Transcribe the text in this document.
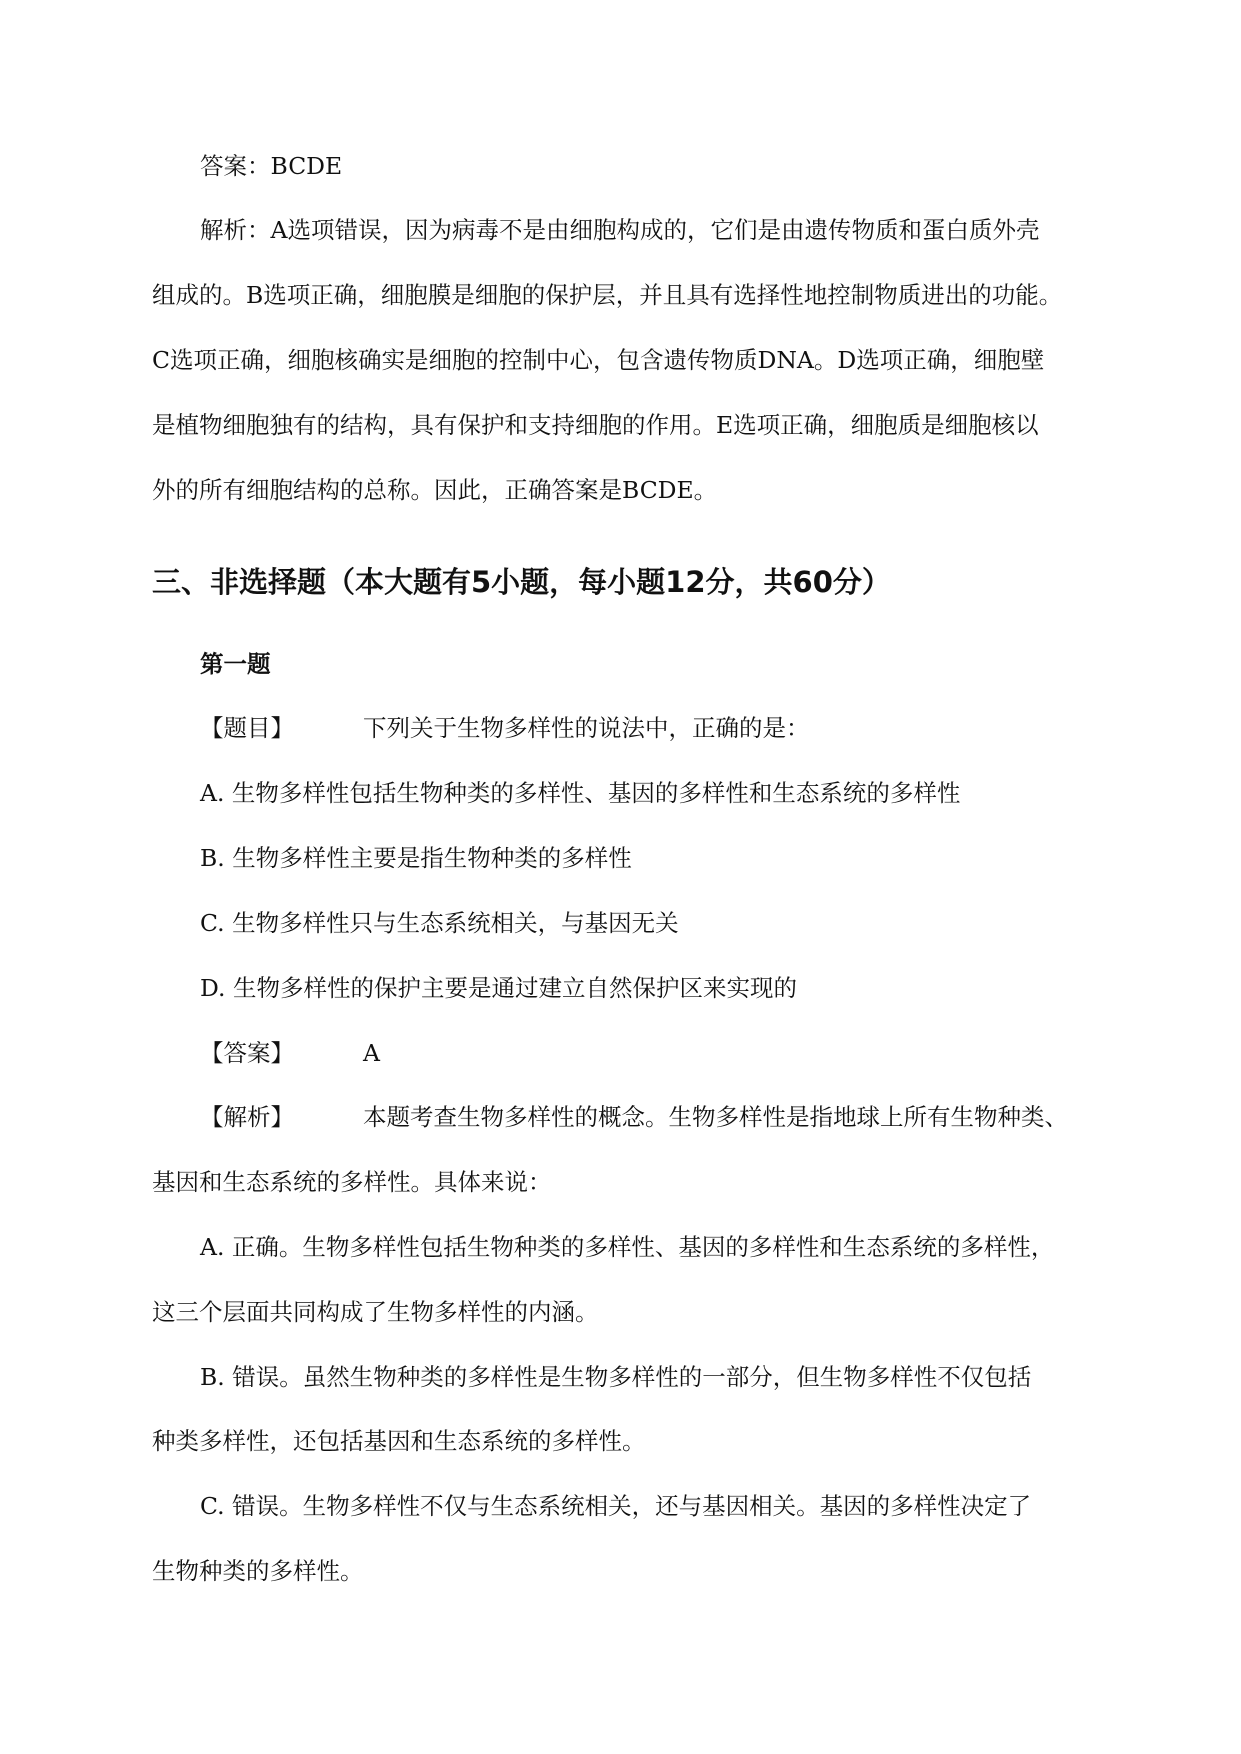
答案：BCDE

解析：A选项错误，因为病毒不是由细胞构成的，它们是由遗传物质和蛋白质外壳

组成的。B选项正确，细胞膜是细胞的保护层，并且具有选择性地控制物质进出的功能。

C选项正确，细胞核确实是细胞的控制中心，包含遗传物质DNA。D选项正确，细胞壁

是植物细胞独有的结构，具有保护和支持细胞的作用。E选项正确，细胞质是细胞核以

外的所有细胞结构的总称。因此，正确答案是BCDE。

三、非选择题（本大题有5小题，每小题12分，共60分）
第一题
【题目】	下列关于生物多样性的说法中，正确的是：
A. 生物多样性包括生物种类的多样性、基因的多样性和生态系统的多样性
B. 生物多样性主要是指生物种类的多样性
C. 生物多样性只与生态系统相关，与基因无关
D. 生物多样性的保护主要是通过建立自然保护区来实现的
【答案】	A
【解析】	本题考查生物多样性的概念。生物多样性是指地球上所有生物种类、

基因和生态系统的多样性。具体来说：

A. 正确。生物多样性包括生物种类的多样性、基因的多样性和生态系统的多样性，

这三个层面共同构成了生物多样性的内涵。

B. 错误。虽然生物种类的多样性是生物多样性的一部分，但生物多样性不仅包括

种类多样性，还包括基因和生态系统的多样性。

C. 错误。生物多样性不仅与生态系统相关，还与基因相关。基因的多样性决定了

生物种类的多样性。
